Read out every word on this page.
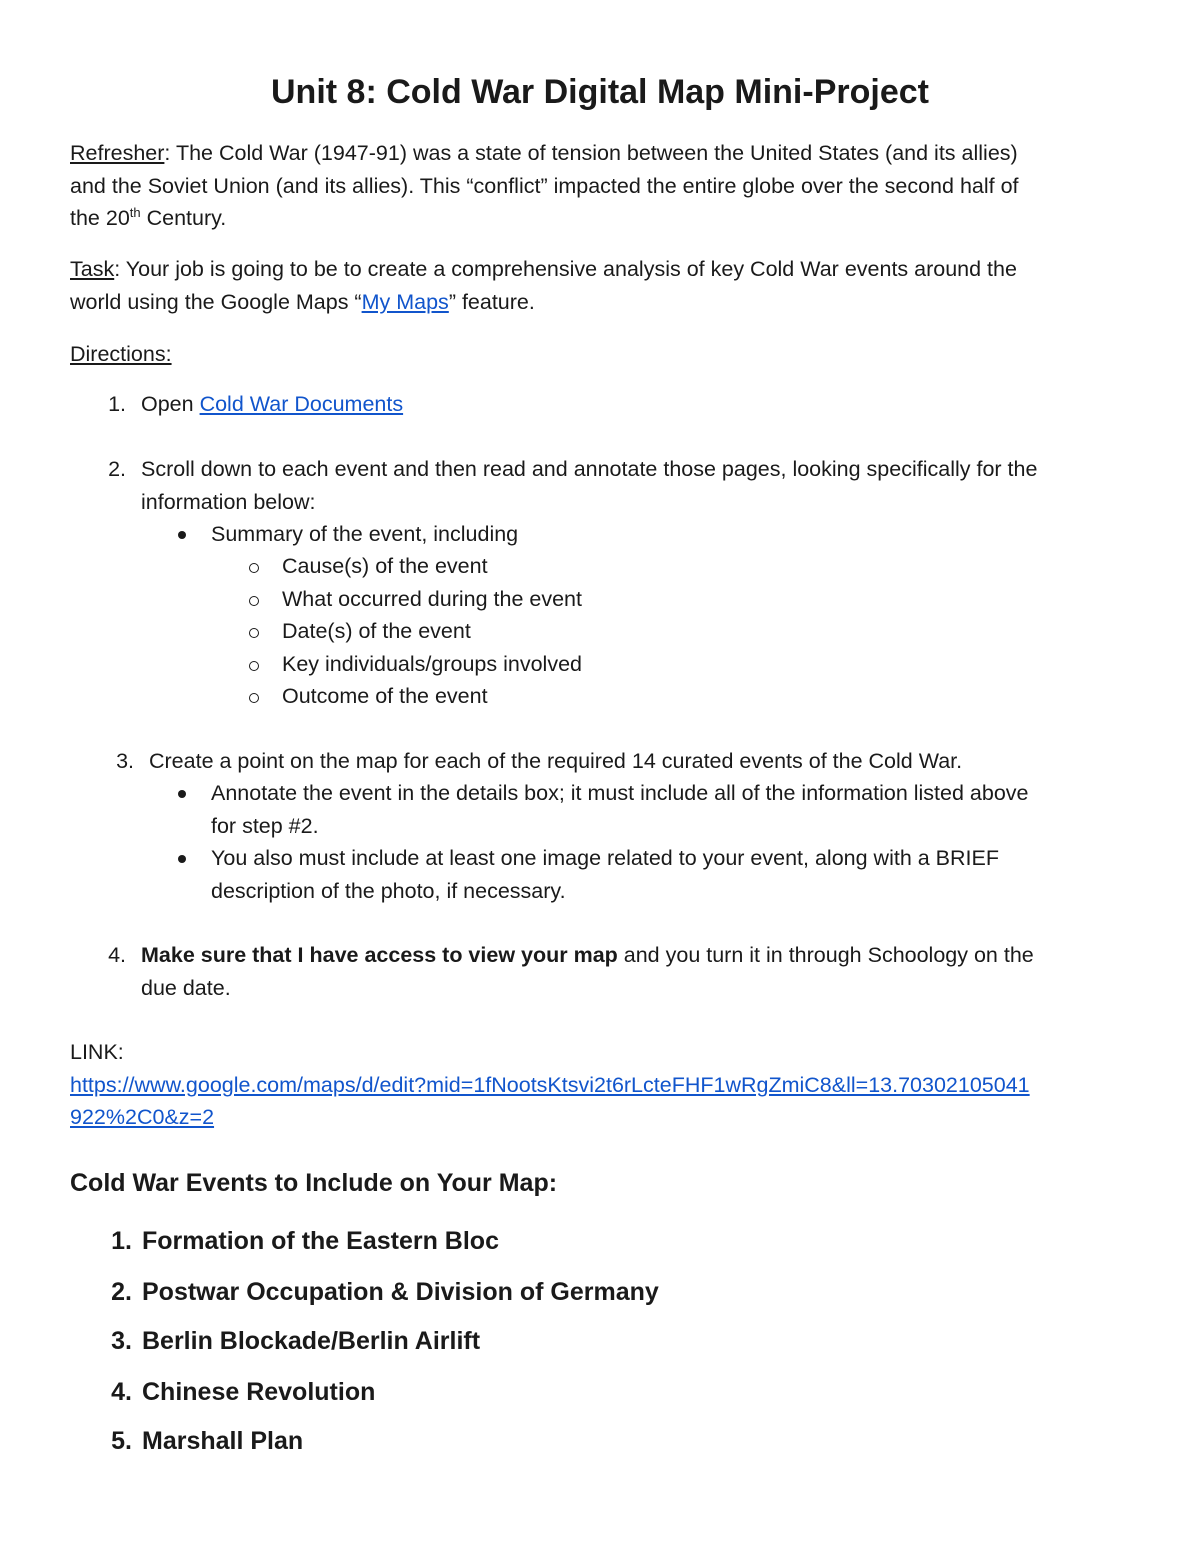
Unit 8: Cold War Digital Map Mini-Project

Refresher: The Cold War (1947-91) was a state of tension between the United States (and its allies)
and the Soviet Union (and its allies). This “conflict” impacted the entire globe over the second half of
the 20th Century.

Task: Your job is going to be to create a comprehensive analysis of key Cold War events around the
world using the Google Maps “My Maps” feature.

Directions:

1. Open Cold War Documents
2. Scroll down to each event and then read and annotate those pages, looking specifically for the
information below:
Summary of the event, including
Cause(s) of the event
What occurred during the event
Date(s) of the event
Key individuals/groups involved
Outcome of the event
3. Create a point on the map for each of the required 14 curated events of the Cold War.
Annotate the event in the details box; it must include all of the information listed above
for step #2.
You also must include at least one image related to your event, along with a BRIEF
description of the photo, if necessary.
4. Make sure that I have access to view your map and you turn it in through Schoology on the
due date.

LINK:
https://www.google.com/maps/d/edit?mid=1fNootsKtsvi2t6rLcteFHF1wRgZmiC8&ll=13.70302105041
922%2C0&z=2

Cold War Events to Include on Your Map:
1. Formation of the Eastern Bloc
2. Postwar Occupation & Division of Germany
3. Berlin Blockade/Berlin Airlift
4. Chinese Revolution
5. Marshall Plan
